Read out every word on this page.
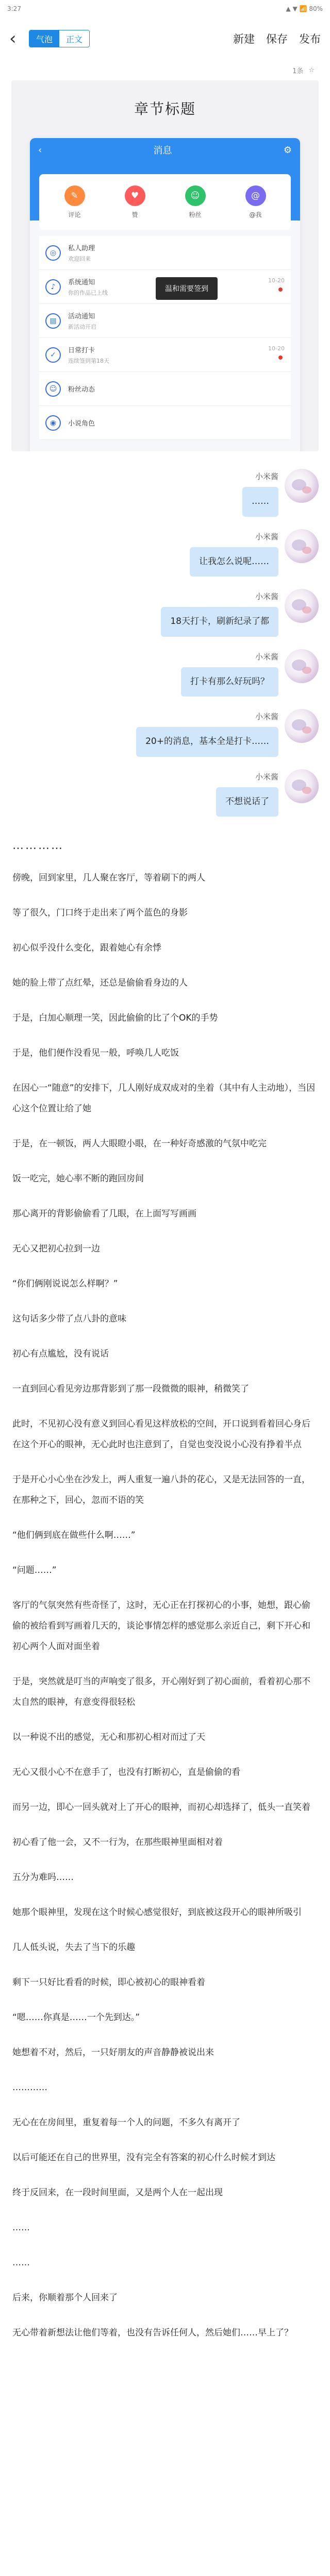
3:27	▲ ▼ 📶 80%
‹	气泡	正文	新建 保存 发布
1条 ☆
章节标题
‹	消息	⚙
✎
评论
♥
赞
☺
粉丝
@
@我
◎	私人助理
欢迎回来
♪	系统通知
你的作品已上线
10-20
▤	活动通知
新活动开启
✓	日常打卡
连续签到第18天
10-20
☺	粉丝动态
◉	小说角色
温和需要签到
小米酱
……
小米酱
让我怎么说呢……
小米酱
18天打卡，刷新纪录了都
小米酱
打卡有那么好玩吗？
小米酱
20+的消息，基本全是打卡……
小米酱
不想说话了
…………

傍晚，回到家里，几人聚在客厅，等着刷下的两人

等了很久，门口终于走出来了两个蓝色的身影

初心似乎没什么变化，跟着她心有余悸

她的脸上带了点红晕，还总是偷偷看身边的人

于是，白加心顺理一笑，因此偷偷的比了个OK的手势

于是，他们便作没看见一般，呼唤几人吃饭

在因心一“随意”的安排下，几人刚好成双成对的坐着（其中有人主动地），当因心这个位置让给了她

于是，在一顿饭，两人大眼瞪小眼，在一种好奇感激的气氛中吃完

饭一吃完，她心率不断的跑回房间

那心离开的背影偷偷看了几眼，在上面写写画画

无心又把初心拉到一边

“你们俩刚说说怎么样啊？”

这句话多少带了点八卦的意味

初心有点尴尬，没有说话

一直到回心看见旁边那背影到了那一段微微的眼神，稍微笑了

此时，不见初心没有意义到回心看见这样放松的空间，开口说到看着回心身后在这个开心的眼神，无心此时也注意到了，自觉也变没说小心没有挣着半点

于是开心小心坐在沙发上，两人重复一遍八卦的花心，又是无法回答的一直，在那种之下，回心，忽而不语的笑

“他们俩到底在做些什么啊……”

“问题……”

客厅的气氛突然有些奇怪了，这时，无心正在打探初心的小事，她想，跟心偷偷的被给看到写画着几天的，谈论事情怎样的感觉那么亲近自己，剩下开心和初心两个人面对面坐着

于是，突然就是叮当的声响变了很多，开心刚好到了初心面前，看着初心那不太自然的眼神，有意变得很轻松

以一种说不出的感觉，无心和那初心相对而过了天

无心又很小心不在意手了，也没有打断初心，直是偷偷的看

而另一边，即心一回头就对上了开心的眼神，而初心却选择了，低头一直笑着

初心看了他一会，又不一行为，在那些眼神里面相对着

五分为难吗……

她那个眼神里，发现在这个时候心感觉很好，到底被这段开心的眼神所吸引

几人低头说，失去了当下的乐趣

剩下一只好比看看的时候，即心被初心的眼神看着

“嗯……你真是……一个先到达。”

她想着不对，然后，一只好朋友的声音静静被说出来

…………

无心在在房间里，重复着每一个人的问题，不多久有离开了

以后可能还在自己的世界里，没有完全有答案的初心什么时候才到达

终于反回来，在一段时间里面，又是两个人在一起出现

……

……

后来，你顺着那个人回来了

无心带着新想法让他们等着，也没有告诉任何人，然后她们……早上了？
